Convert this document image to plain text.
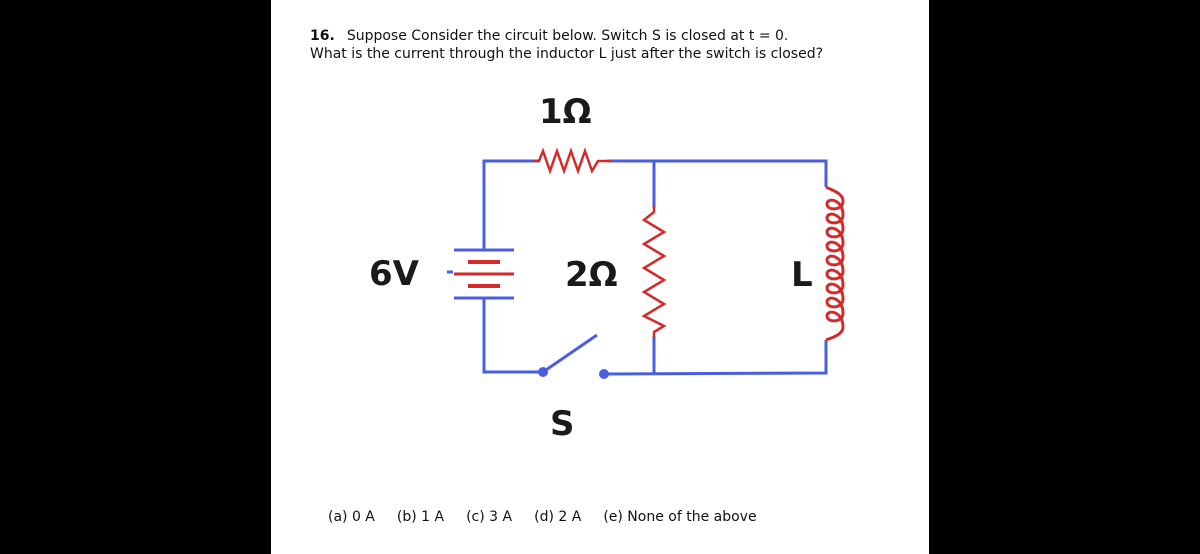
16. Suppose Consider the circuit below. Switch S is closed at t = 0.
What is the current through the inductor L just after the switch is closed?
1Ω
6V	2Ω	L
S
(a) 0 A (b) 1 A (c) 3 A (d) 2 A (e) None of the above
